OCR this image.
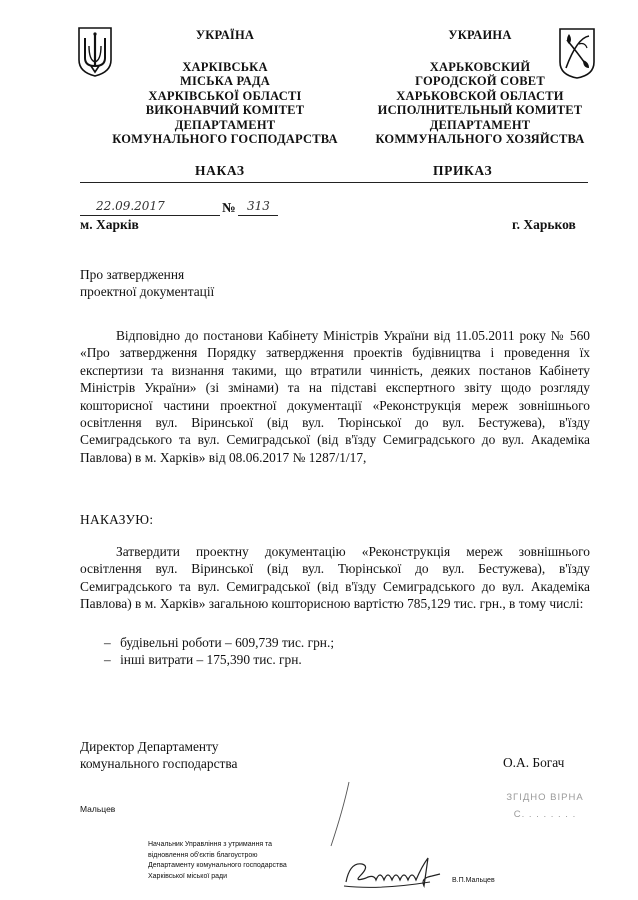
УКРАЇНА
ХАРКІВСЬКА
МІСЬКА РАДА
ХАРКІВСЬКОЇ ОБЛАСТІ
ВИКОНАВЧИЙ КОМІТЕТ
ДЕПАРТАМЕНТ
КОМУНАЛЬНОГО ГОСПОДАРСТВА
УКРАИНА
ХАРЬКОВСКИЙ
ГОРОДСКОЙ СОВЕТ
ХАРЬКОВСКОЙ ОБЛАСТИ
ИСПОЛНИТЕЛЬНЫЙ КОМИТЕТ
ДЕПАРТАМЕНТ
КОММУНАЛЬНОГО ХОЗЯЙСТВА
НАКАЗ	ПРИКАЗ
22.09.2017	№ 313
м. Харків	г. Харьков
Про затвердження
проектної документації
Відповідно до постанови Кабінету Міністрів України від 11.05.2011 року № 560 «Про затвердження Порядку затвердження проектів будівництва і проведення їх експертизи та визнання такими, що втратили чинність, деяких постанов Кабінету Міністрів України» (зі змінами) та на підставі експертного звіту щодо розгляду кошторисної частини проектної документації «Реконструкція мереж зовнішнього освітлення вул. Віринської (від вул. Тюрінської до вул. Бестужева), в'їзду Семиградського та вул. Семиградської (від в'їзду Семиградського до вул. Академіка Павлова) в м. Харків» від 08.06.2017 № 1287/1/17,
НАКАЗУЮ:
Затвердити проектну документацію «Реконструкція мереж зовнішнього освітлення вул. Віринської (від вул. Тюрінської до вул. Бестужева), в'їзду Семиградського та вул. Семиградської (від в'їзду Семиградського до вул. Академіка Павлова) в м. Харків» загальною кошторисною вартістю 785,129 тис. грн., в тому числі:
– будівельні роботи – 609,739 тис. грн.;
– інші витрати – 175,390 тис. грн.
Директор Департаменту
комунального господарства	О.А. Богач
Мальцев
ЗГІДНО ВІРНА
С. . . . . . . .
Начальник Управління з утримання та
відновлення об'єктів благоустрою
Департаменту комунального господарства
Харківської міської ради
В.П.Мальцев
